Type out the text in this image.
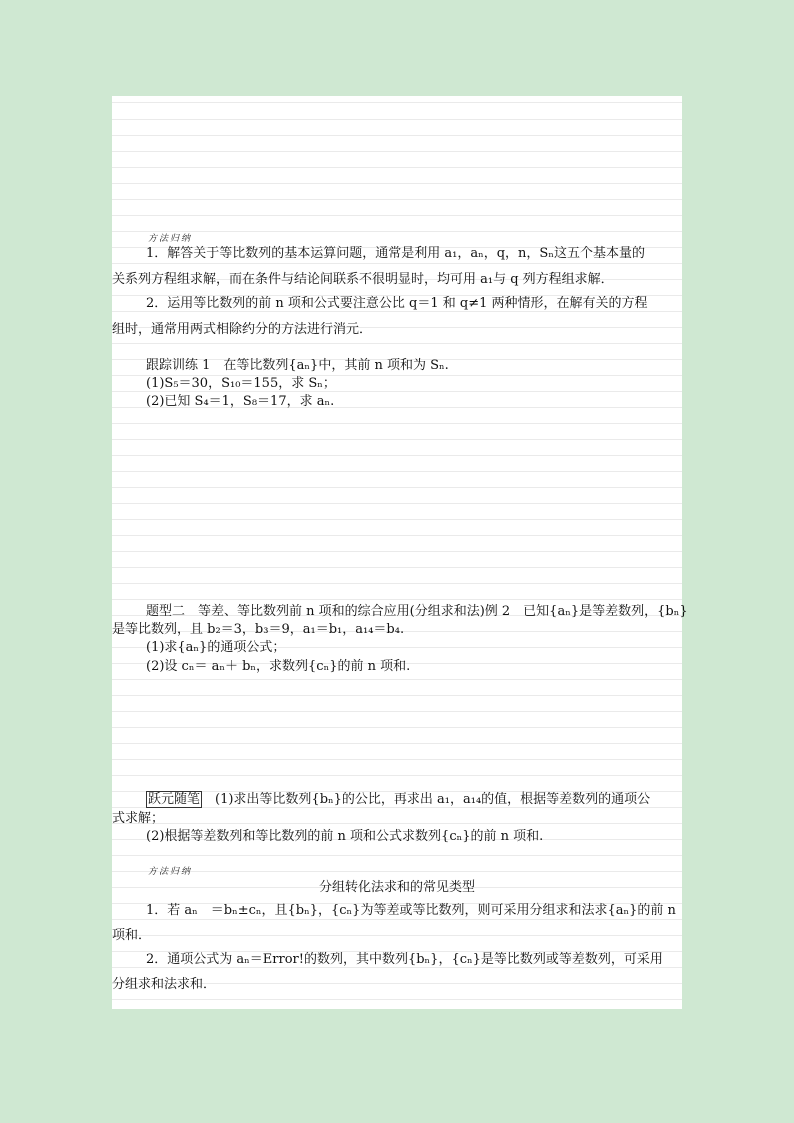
方法归纳
1．解答关于等比数列的基本运算问题，通常是利用 a₁，aₙ，q，n，Sₙ这五个基本量的
关系列方程组求解，而在条件与结论间联系不很明显时，均可用 a₁与 q 列方程组求解．
2．运用等比数列的前 n 项和公式要注意公比 q＝1 和 q≠1 两种情形，在解有关的方程
组时，通常用两式相除约分的方法进行消元．
跟踪训练 1　在等比数列{aₙ}中，其前 n 项和为 Sₙ.
(1)S₅＝30，S₁₀＝155，求 Sₙ；
(2)已知 S₄＝1，S₈＝17，求 aₙ.
题型二　等差、等比数列前 n 项和的综合应用(分组求和法)例 2　已知{aₙ}是等差数列，{bₙ}
是等比数列，且 b₂＝3，b₃＝9，a₁＝b₁，a₁₄＝b₄.
(1)求{aₙ}的通项公式；
(2)设 cₙ＝ aₙ＋ bₙ，求数列{cₙ}的前 n 项和.
跃元随笔　(1)求出等比数列{bₙ}的公比，再求出 a₁，a₁₄的值，根据等差数列的通项公
式求解；
(2)根据等差数列和等比数列的前 n 项和公式求数列{cₙ}的前 n 项和.
方法归纳
分组转化法求和的常见类型
1．若 aₙ　＝bₙ±cₙ，且{bₙ}，{cₙ}为等差或等比数列，则可采用分组求和法求{aₙ}的前 n
项和．
2．通项公式为 aₙ＝Error!的数列，其中数列{bₙ}，{cₙ}是等比数列或等差数列，可采用
分组求和法求和．
